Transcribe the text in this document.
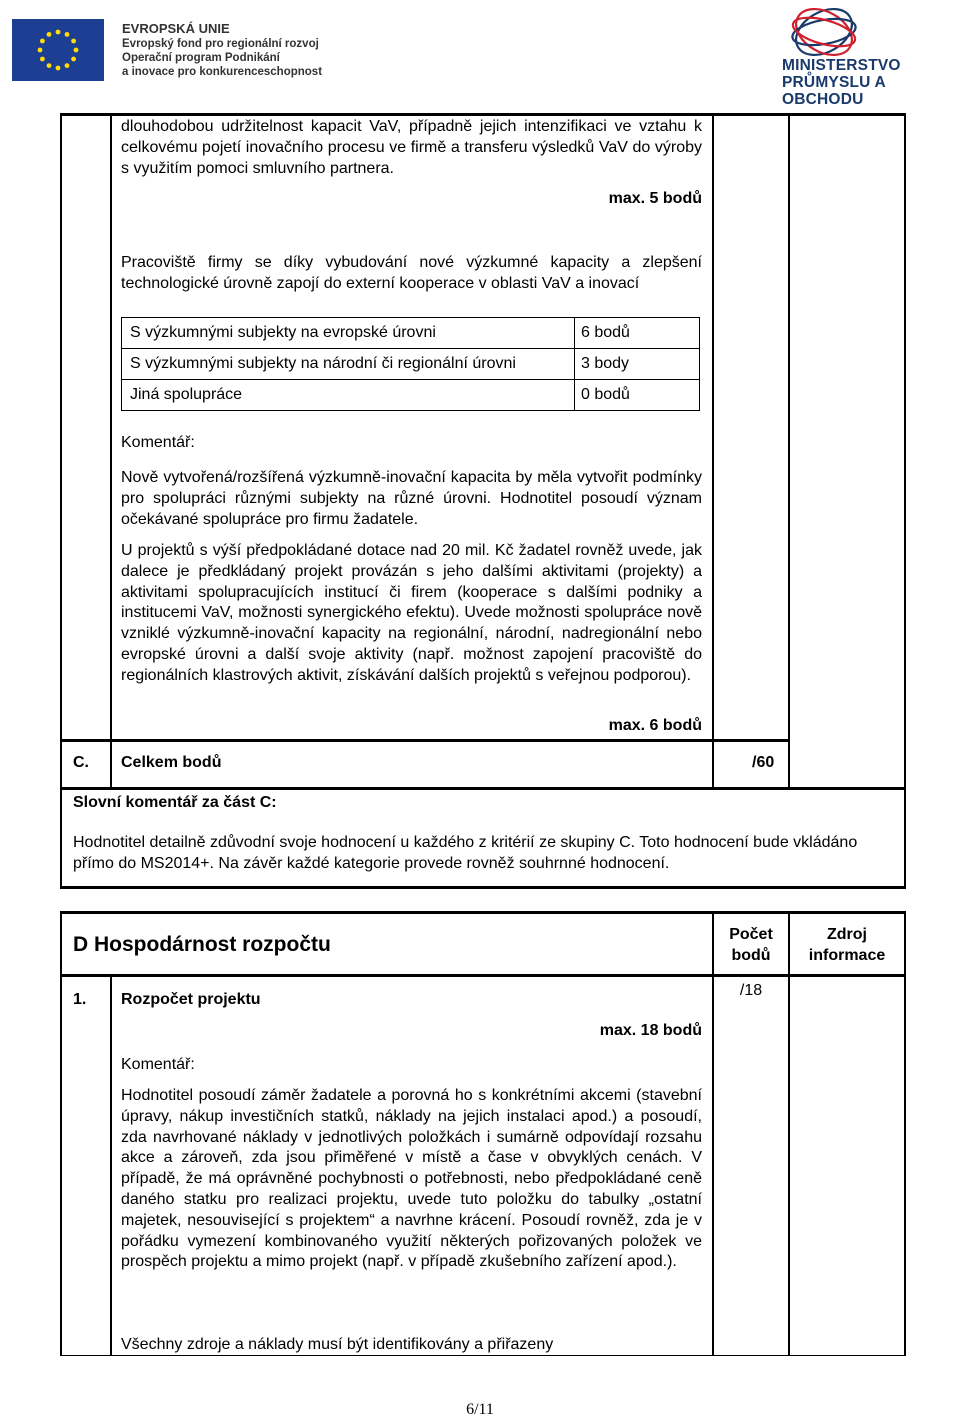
EVROPSKÁ UNIE
Evropský fond pro regionální rozvoj
Operační program Podnikání
a inovace pro konkurenceschopnost	MINISTERSTVO
PRŮMYSLU A OBCHODU
dlouhodobou udržitelnost kapacit VaV, případně jejich intenzifikaci ve vztahu k celkovému pojetí inovačního procesu ve firmě a transferu výsledků VaV do výroby s využitím pomoci smluvního partnera.
max. 5 bodů
Pracoviště firmy se díky vybudování nové výzkumné kapacity a zlepšení technologické úrovně zapojí do externí kooperace v oblasti VaV a inovací
S výzkumnými subjekty na evropské úrovni	6 bodů
S výzkumnými subjekty na národní či regionální úrovni	3 body
Jiná spolupráce	0 bodů
Komentář:
Nově vytvořená/rozšířená výzkumně-inovační kapacita by měla vytvořit podmínky pro spolupráci různými subjekty na různé úrovni. Hodnotitel posoudí význam očekávané spolupráce pro firmu žadatele.
U projektů s výší předpokládané dotace nad 20 mil. Kč žadatel rovněž uvede, jak dalece je předkládaný projekt provázán s jeho dalšími aktivitami (projekty) a aktivitami spolupracujících institucí či firem (kooperace s dalšími podniky a institucemi VaV, možnosti synergického efektu). Uvede možnosti spolupráce nově vzniklé výzkumně-inovační kapacity na regionální, národní, nadregionální nebo evropské úrovni a další svoje aktivity (např. možnost zapojení pracoviště do regionálních klastrových aktivit, získávání dalších projektů s veřejnou podporou).
max. 6 bodů
C. Celkem bodů	/60
Slovní komentář za část C:
Hodnotitel detailně zdůvodní svoje hodnocení u každého z kritérií ze skupiny C. Toto hodnocení bude vkládáno přímo do MS2014+. Na závěr každé kategorie provede rovněž souhrnné hodnocení.
D Hospodárnost rozpočtu	Počet bodů
Zdroj informace
1. Rozpočet projektu
/18
max. 18 bodů
Komentář:
Hodnotitel posoudí záměr žadatele a porovná ho s konkrétními akcemi (stavební úpravy, nákup investičních statků, náklady na jejich instalaci apod.) a posoudí, zda navrhované náklady v jednotlivých položkách i sumárně odpovídají rozsahu akce a zároveň, zda jsou přiměřené v místě a čase v obvyklých cenách. V případě, že má oprávněné pochybnosti o potřebnosti, nebo předpokládané ceně daného statku pro realizaci projektu, uvede tuto položku do tabulky „ostatní majetek, nesouvisející s projektem“ a navrhne krácení. Posoudí rovněž, zda je v pořádku vymezení kombinovaného využití některých pořizovaných položek ve prospěch projektu a mimo projekt (např. v případě zkušebního zařízení apod.).
Všechny zdroje a náklady musí být identifikovány a přiřazeny
6/11
